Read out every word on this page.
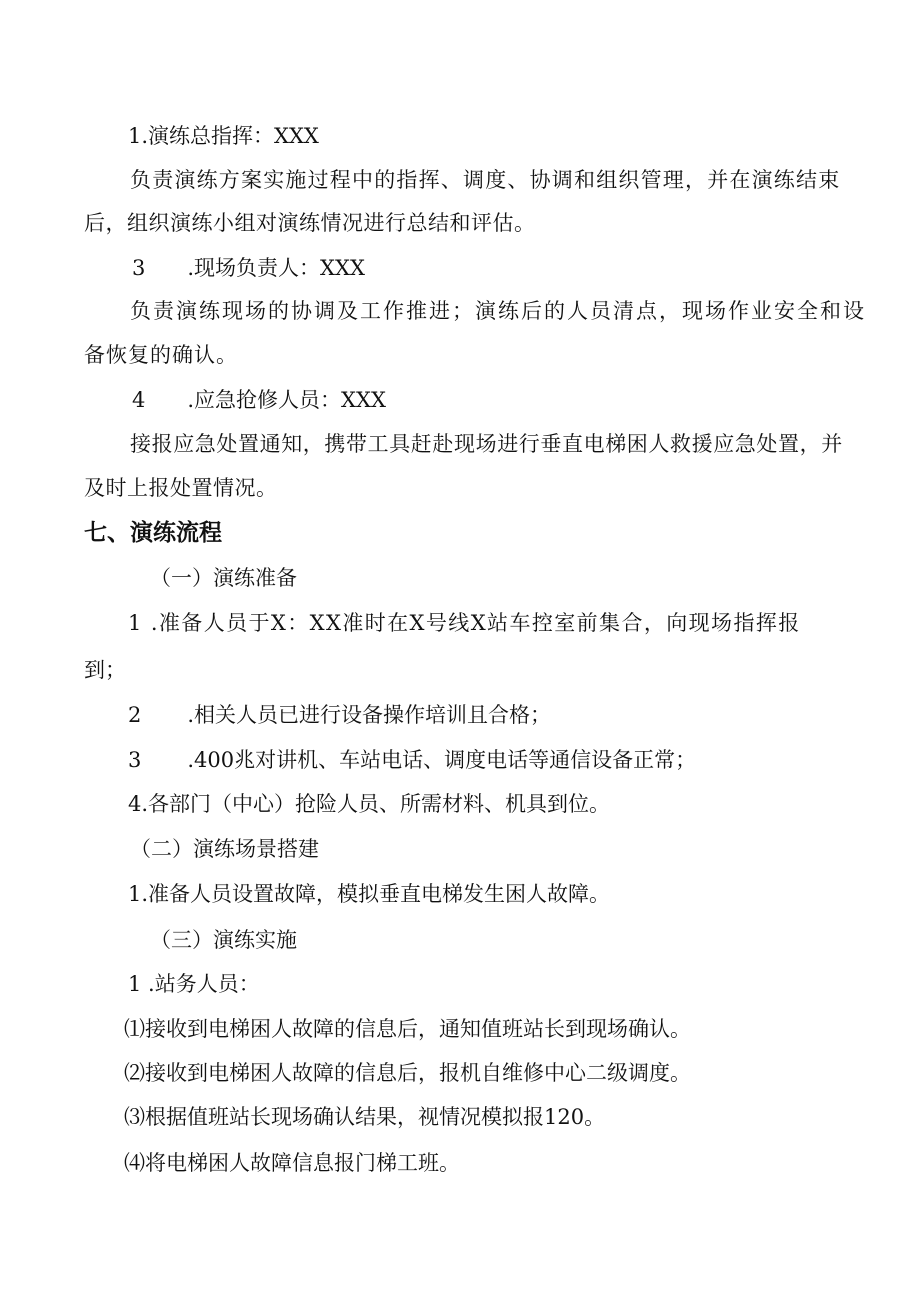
1.演练总指挥：XXX
负责演练方案实施过程中的指挥、调度、协调和组织管理，并在演练结束
后，组织演练小组对演练情况进行总结和评估。
3 .现场负责人：XXX
负责演练现场的协调及工作推进；演练后的人员清点，现场作业安全和设
备恢复的确认。
4 .应急抢修人员：XXX
接报应急处置通知，携带工具赶赴现场进行垂直电梯困人救援应急处置，并
及时上报处置情况。
七、演练流程
（一）演练准备
1 .准备人员于X：XX准时在X号线X站车控室前集合，向现场指挥报
到；
2 .相关人员已进行设备操作培训且合格；
3 .400兆对讲机、车站电话、调度电话等通信设备正常；
4.各部门（中心）抢险人员、所需材料、机具到位。
（二）演练场景搭建
1.准备人员设置故障，模拟垂直电梯发生困人故障。
（三）演练实施
1 .站务人员：
⑴接收到电梯困人故障的信息后，通知值班站长到现场确认。
⑵接收到电梯困人故障的信息后，报机自维修中心二级调度。
⑶根据值班站长现场确认结果，视情况模拟报120。
⑷将电梯困人故障信息报门梯工班。
